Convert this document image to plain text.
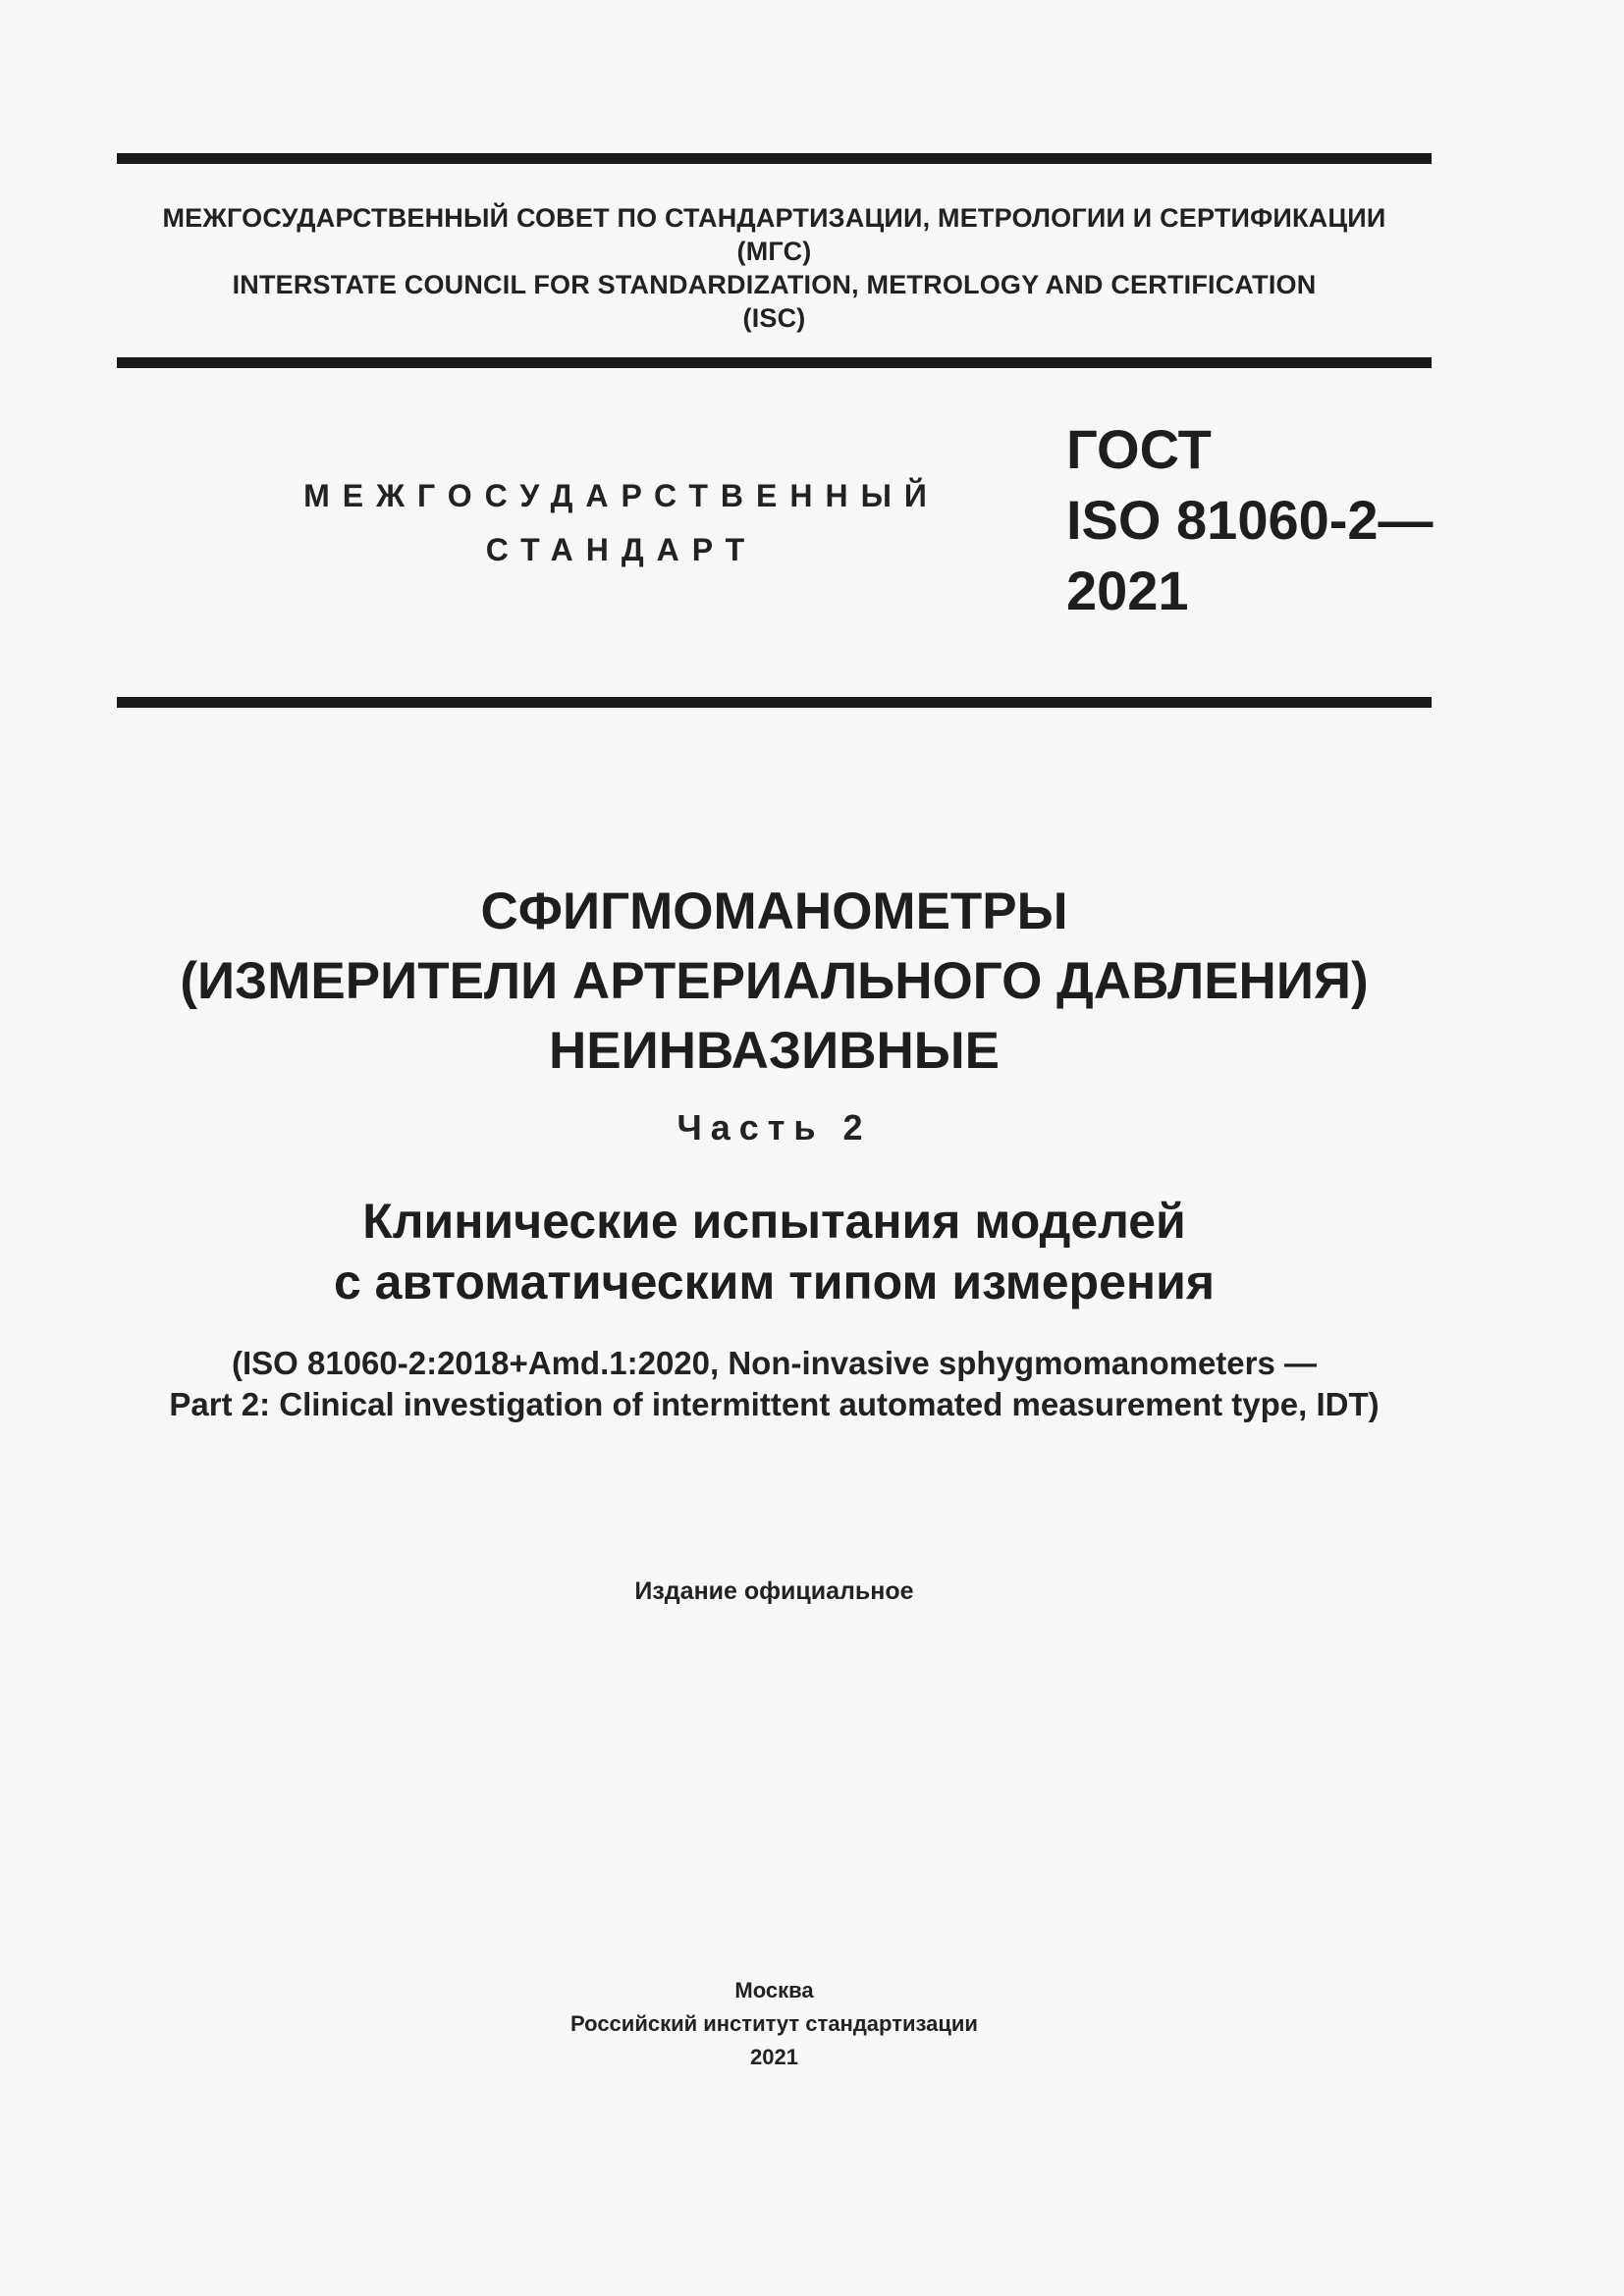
МЕЖГОСУДАРСТВЕННЫЙ СОВЕТ ПО СТАНДАРТИЗАЦИИ, МЕТРОЛОГИИ И СЕРТИФИКАЦИИ
(МГС)
INTERSTATE COUNCIL FOR STANDARDIZATION, METROLOGY AND CERTIFICATION
(ISC)
МЕЖГОСУДАРСТВЕННЫЙ
СТАНДАРТ
ГОСТ
ISO 81060-2—
2021
СФИГМОМАНОМЕТРЫ
(ИЗМЕРИТЕЛИ АРТЕРИАЛЬНОГО ДАВЛЕНИЯ)
НЕИНВАЗИВНЫЕ
Часть 2
Клинические испытания моделей
с автоматическим типом измерения
(ISO 81060-2:2018+Amd.1:2020, Non-invasive sphygmomanometers —
Part 2: Clinical investigation of intermittent automated measurement type, IDT)
Издание официальное
Москва
Российский институт стандартизации
2021
